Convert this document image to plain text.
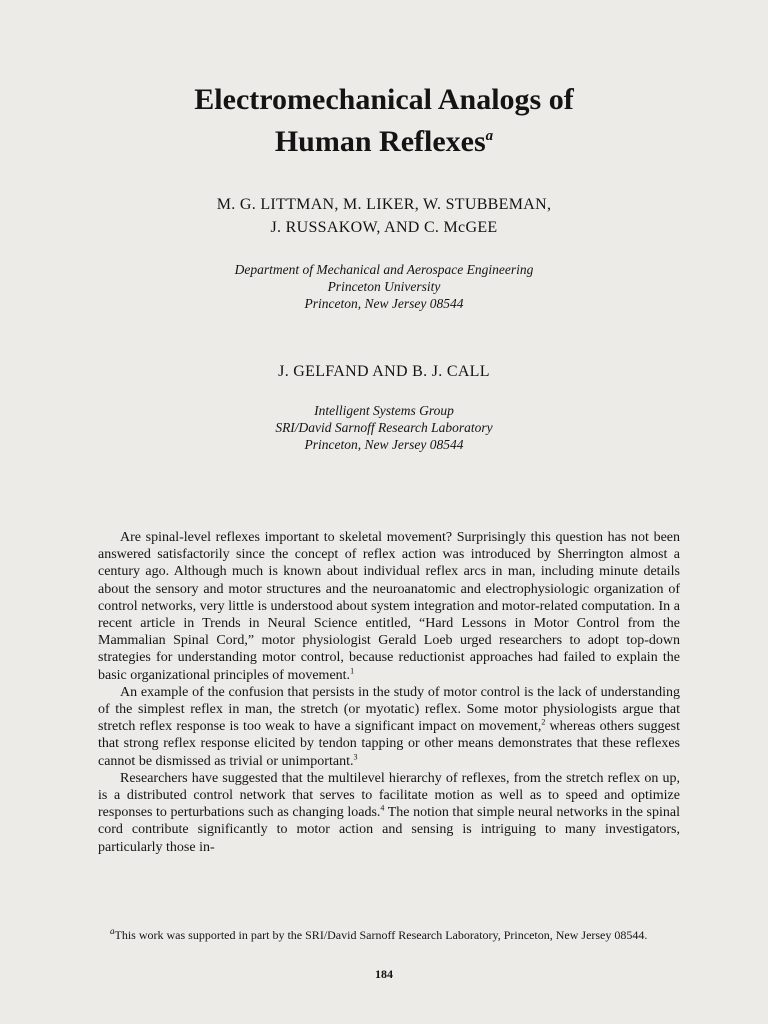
Electromechanical Analogs of
Human Reflexes$^a$
M. G. LITTMAN, M. LIKER, W. STUBBEMAN,
J. RUSSAKOW, AND C. McGEE
Department of Mechanical and Aerospace Engineering
Princeton University
Princeton, New Jersey 08544
J. GELFAND AND B. J. CALL
Intelligent Systems Group
SRI/David Sarnoff Research Laboratory
Princeton, New Jersey 08544

Are spinal-level reflexes important to skeletal movement? Surprisingly this question has not been answered satisfactorily since the concept of reflex action was introduced by Sherrington almost a century ago. Although much is known about individual reflex arcs in man, including minute details about the sensory and motor structures and the neuroanatomic and electrophysiologic organization of control networks, very little is understood about system integration and motor-related computation. In a recent article in Trends in Neural Science entitled, “Hard Lessons in Motor Control from the Mammalian Spinal Cord,” motor physiologist Gerald Loeb urged researchers to adopt top-down strategies for understanding motor control, because reductionist approaches had failed to explain the basic organizational principles of movement.$^1$

An example of the confusion that persists in the study of motor control is the lack of understanding of the simplest reflex in man, the stretch (or myotatic) reflex. Some motor physiologists argue that stretch reflex response is too weak to have a significant impact on movement,$^2$ whereas others suggest that strong reflex response elicited by tendon tapping or other means demonstrates that these reflexes cannot be dismissed as trivial or unimportant.$^3$

Researchers have suggested that the multilevel hierarchy of reflexes, from the stretch reflex on up, is a distributed control network that serves to facilitate motion as well as to speed and optimize responses to perturbations such as changing loads.$^4$ The notion that simple neural networks in the spinal cord contribute significantly to motor action and sensing is intriguing to many investigators, particularly those in-

$^a$This work was supported in part by the SRI/David Sarnoff Research Laboratory, Princeton, New Jersey 08544.

184
